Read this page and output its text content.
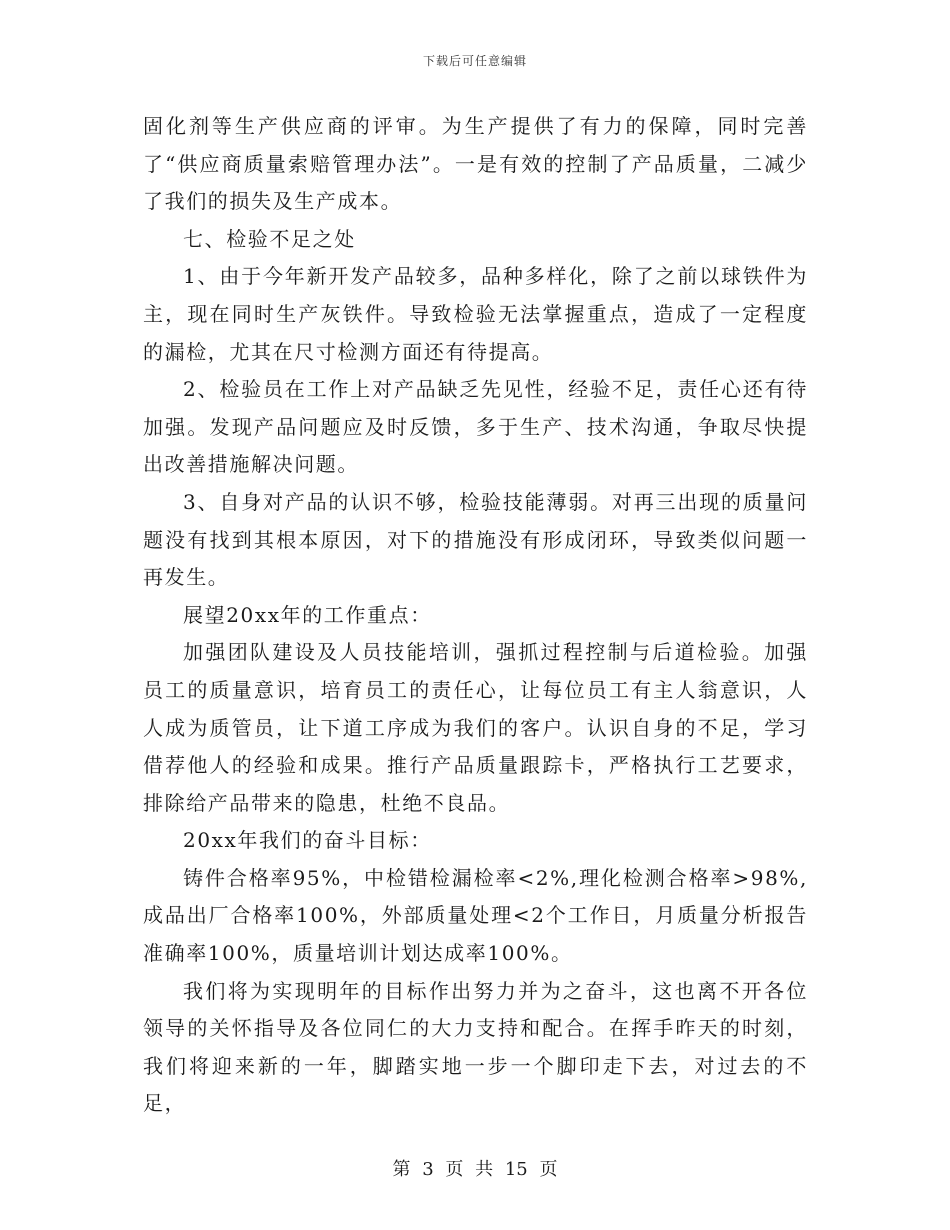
下载后可任意编辑

固化剂等生产供应商的评审。为生产提供了有力的保障，同时完善了“供应商质量索赔管理办法”。一是有效的控制了产品质量，二减少了我们的损失及生产成本。

七、检验不足之处

1、由于今年新开发产品较多，品种多样化，除了之前以球铁件为主，现在同时生产灰铁件。导致检验无法掌握重点，造成了一定程度的漏检，尤其在尺寸检测方面还有待提高。

2、检验员在工作上对产品缺乏先见性，经验不足，责任心还有待加强。发现产品问题应及时反馈，多于生产、技术沟通，争取尽快提出改善措施解决问题。

3、自身对产品的认识不够，检验技能薄弱。对再三出现的质量问题没有找到其根本原因，对下的措施没有形成闭环，导致类似问题一再发生。

展望20xx年的工作重点：

加强团队建设及人员技能培训，强抓过程控制与后道检验。加强员工的质量意识，培育员工的责任心，让每位员工有主人翁意识，人人成为质管员，让下道工序成为我们的客户。认识自身的不足，学习借荐他人的经验和成果。推行产品质量跟踪卡，严格执行工艺要求，排除给产品带来的隐患，杜绝不良品。

20xx年我们的奋斗目标：

铸件合格率95%，中检错检漏检率<2%,理化检测合格率>98%,成品出厂合格率100%，外部质量处理<2个工作日，月质量分析报告准确率100%，质量培训计划达成率100%。

我们将为实现明年的目标作出努力并为之奋斗，这也离不开各位领导的关怀指导及各位同仁的大力支持和配合。在挥手昨天的时刻，我们将迎来新的一年，脚踏实地一步一个脚印走下去，对过去的不足，

第 3 页 共 15 页
